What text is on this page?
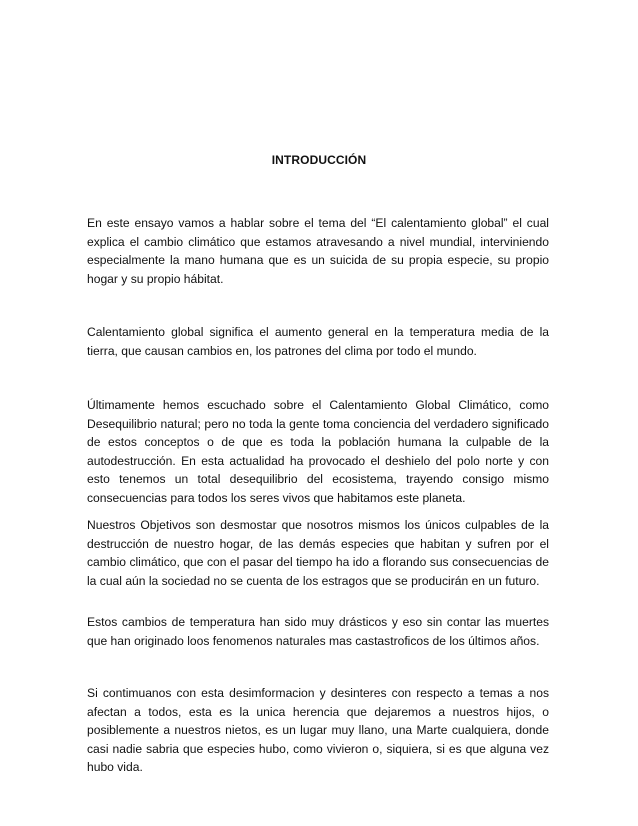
INTRODUCCIÓN

En este ensayo vamos a hablar sobre el tema del “El calentamiento global” el cual explica el cambio climático que estamos atravesando a nivel mundial, interviniendo especialmente la mano humana que es un suicida de su propia especie, su propio hogar y su propio hábitat.

Calentamiento global significa el aumento general en la temperatura media de la tierra, que causan cambios en, los patrones del clima por todo el mundo.

Últimamente hemos escuchado sobre el Calentamiento Global Climático, como Desequilibrio natural; pero no toda la gente toma conciencia del verdadero significado de estos conceptos o de que es toda la población humana la culpable de la autodestrucción. En esta actualidad ha provocado el deshielo del polo norte y con esto tenemos un total desequilibrio del ecosistema, trayendo consigo mismo consecuencias para todos los seres vivos que habitamos este planeta.

Nuestros Objetivos son desmostar que nosotros mismos los únicos culpables de la destrucción de nuestro hogar, de las demás especies que habitan y sufren por el cambio climático, que con el pasar del tiempo ha ido a florando sus consecuencias de la cual aún la sociedad no se cuenta de los estragos que se producirán en un futuro.

Estos cambios de temperatura han sido muy drásticos y eso sin contar las muertes que han originado loos fenomenos naturales mas castastroficos de los últimos años.

Si contimuanos con esta desimformacion y desinteres con respecto a temas a nos afectan a todos, esta es la unica herencia que dejaremos a nuestros hijos, o posiblemente a nuestros nietos, es un lugar muy llano, una Marte cualquiera, donde casi nadie sabria que especies hubo, como vivieron o, siquiera, si es que alguna vez hubo vida.
